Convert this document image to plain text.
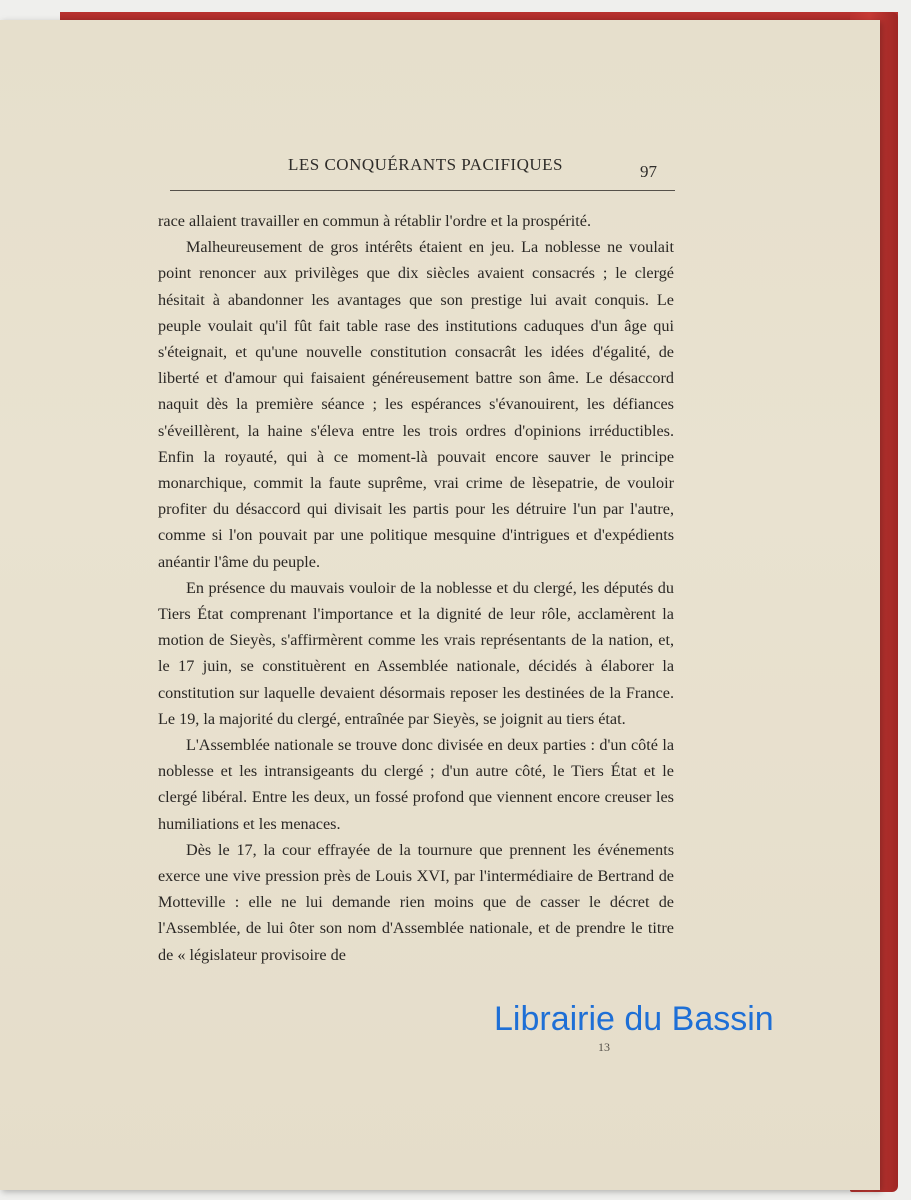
LES CONQUÉRANTS PACIFIQUES	97

race allaient travailler en commun à rétablir l'ordre et la prospérité.

Malheureusement de gros intérêts étaient en jeu. La noblesse ne voulait point renoncer aux privilèges que dix siècles avaient consacrés ; le clergé hésitait à abandonner les avantages que son prestige lui avait conquis. Le peuple voulait qu'il fût fait table rase des institutions caduques d'un âge qui s'éteignait, et qu'une nouvelle constitution consacrât les idées d'égalité, de liberté et d'amour qui faisaient généreusement battre son âme. Le désaccord naquit dès la première séance ; les espérances s'évanouirent, les défiances s'éveillèrent, la haine s'éleva entre les trois ordres d'opinions irréductibles. Enfin la royauté, qui à ce moment-là pouvait encore sauver le principe monarchique, commit la faute suprême, vrai crime de lèsepatrie, de vouloir profiter du désaccord qui divisait les partis pour les détruire l'un par l'autre, comme si l'on pouvait par une politique mesquine d'intrigues et d'expédients anéantir l'âme du peuple.

En présence du mauvais vouloir de la noblesse et du clergé, les députés du Tiers État comprenant l'importance et la dignité de leur rôle, acclamèrent la motion de Sieyès, s'affirmèrent comme les vrais représentants de la nation, et, le 17 juin, se constituèrent en Assemblée nationale, décidés à élaborer la constitution sur laquelle devaient désormais reposer les destinées de la France. Le 19, la majorité du clergé, entraînée par Sieyès, se joignit au tiers état.

L'Assemblée nationale se trouve donc divisée en deux parties : d'un côté la noblesse et les intransigeants du clergé ; d'un autre côté, le Tiers État et le clergé libéral. Entre les deux, un fossé profond que viennent encore creuser les humiliations et les menaces.

Dès le 17, la cour effrayée de la tournure que prennent les événements exerce une vive pression près de Louis XVI, par l'intermédiaire de Bertrand de Motteville : elle ne lui demande rien moins que de casser le décret de l'Assemblée, de lui ôter son nom d'Assemblée nationale, et de prendre le titre de « législateur provisoire de

13
Librairie du Bassin
